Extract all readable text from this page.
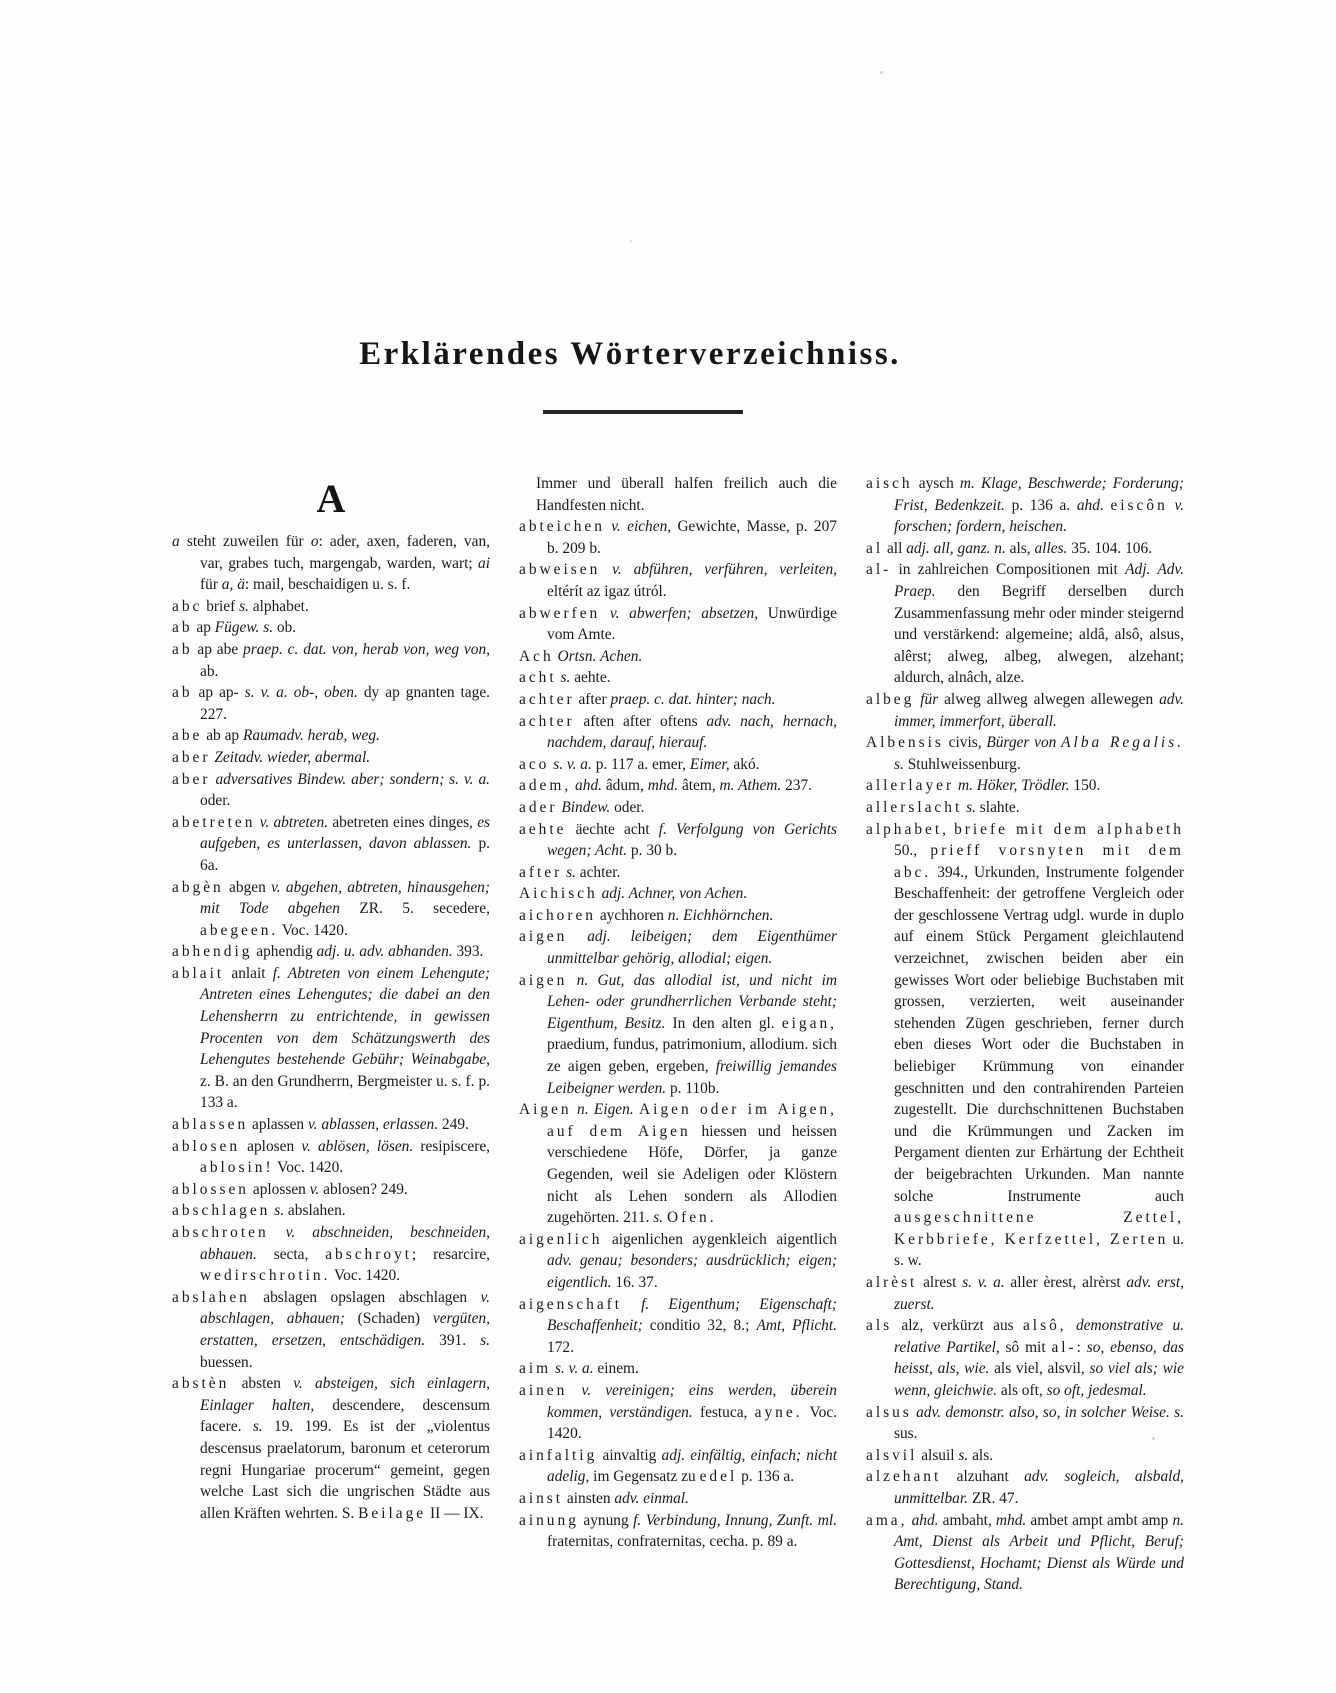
Erklärendes Wörterverzeichniss.
A
a steht zuweilen für o: ader, axen, faderen, van, var, grabes tuch, margengab, warden, wart; ai für a, ä: mail, beschaidigen u. s. f.
abc brief s. alphabet.
ab ap Fügew. s. ob.
ab ap abe praep. c. dat. von, herab von, weg von, ab.
ab ap ap- s. v. a. ob-, oben. dy ap gnanten tage. 227.
abe ab ap Raumadv. herab, weg.
aber Zeitadv. wieder, abermal.
aber adversatives Bindew. aber; sondern; s. v. a. oder.
abetreten v. abtreten. abetreten eines dinges, es aufgeben, es unterlassen, davon ablassen. p. 6a.
abgèn abgen v. abgehen, abtreten, hinausgehen; mit Tode abgehen ZR. 5. secedere, abegeen. Voc. 1420.
abhendig aphendig adj. u. adv. abhanden. 393.
ablait anlait f. Abtreten von einem Lehengute; Antreten eines Lehengutes; die dabei an den Lehensherrn zu entrichtende, in gewissen Procenten von dem Schätzungswerth des Lehengutes bestehende Gebühr; Weinabgabe, z. B. an den Grundherrn, Bergmeister u. s. f. p. 133 a.
ablassen aplassen v. ablassen, erlassen. 249.
ablosen aplosen v. ablösen, lösen. resipiscere, ablosin! Voc. 1420.
ablossen aplossen v. ablosen? 249.
abschlagen s. abslahen.
abschroten v. abschneiden, beschneiden, abhauen. secta, abschroyt; resarcire, wedirschrotin. Voc. 1420.
abslahen abslagen opslagen abschlagen v. abschlagen, abhauen; (Schaden) vergüten, erstatten, ersetzen, entschädigen. 391. s. buessen.
abstèn absten v. absteigen, sich einlagern, Einlager halten, descendere, descensum facere. s. 19. 199. Es ist der „violentus descensus praelatorum, baronum et ceterorum regni Hungariae procerum“ gemeint, gegen welche Last sich die ungrischen Städte aus allen Kräften wehrten. S. Beilage II — IX.
Immer und überall halfen freilich auch die Handfesten nicht.
abteichen v. eichen, Gewichte, Masse, p. 207 b. 209 b.
abweisen v. abführen, verführen, verleiten, eltérít az igaz útról.
abwerfen v. abwerfen; absetzen, Unwürdige vom Amte.
Ach Ortsn. Achen.
acht s. aehte.
achter after praep. c. dat. hinter; nach.
achter aften after oftens adv. nach, hernach, nachdem, darauf, hierauf.
aco s. v. a. p. 117 a. emer, Eimer, akó.
adem, ahd. âdum, mhd. âtem, m. Athem. 237.
ader Bindew. oder.
aehte äechte acht f. Verfolgung von Gerichts wegen; Acht. p. 30 b.
after s. achter.
Aichisch adj. Achner, von Achen.
aichoren aychhoren n. Eichhörnchen.
aigen adj. leibeigen; dem Eigenthümer unmittelbar gehörig, allodial; eigen.
aigen n. Gut, das allodial ist, und nicht im Lehen- oder grundherrlichen Verbande steht; Eigenthum, Besitz. In den alten gl. eigan, praedium, fundus, patrimonium, allodium. sich ze aigen geben, ergeben, freiwillig jemandes Leibeigner werden. p. 110b.
Aigen n. Eigen. Aigen oder im Aigen, auf dem Aigen hiessen und heissen verschiedene Höfe, Dörfer, ja ganze Gegenden, weil sie Adeligen oder Klöstern nicht als Lehen sondern als Allodien zugehörten. 211. s. Ofen.
aigenlich aigenlichen aygenkleich aigentlich adv. genau; besonders; ausdrücklich; eigen; eigentlich. 16. 37.
aigenschaft f. Eigenthum; Eigenschaft; Beschaffenheit; conditio 32, 8.; Amt, Pflicht. 172.
aim s. v. a. einem.
ainen v. vereinigen; eins werden, überein kommen, verständigen. festuca, ayne. Voc. 1420.
ainfaltig ainvaltig adj. einfältig, einfach; nicht adelig, im Gegensatz zu edel p. 136 a.
ainst ainsten adv. einmal.
ainung aynung f. Verbindung, Innung, Zunft. ml. fraternitas, confraternitas, cecha. p. 89 a.
aisch aysch m. Klage, Beschwerde; Forderung; Frist, Bedenkzeit. p. 136 a. ahd. eiscôn v. forschen; fordern, heischen.
al all adj. all, ganz. n. als, alles. 35. 104. 106.
al- in zahlreichen Compositionen mit Adj. Adv. Praep. den Begriff derselben durch Zusammenfassung mehr oder minder steigernd und verstärkend: algemeine; aldâ, alsô, alsus, alêrst; alweg, albeg, alwegen, alzehant; aldurch, alnâch, alze.
albeg für alweg allweg alwegen allewegen adv. immer, immerfort, überall.
Albensis civis, Bürger von Alba Regalis. s. Stuhlweissenburg.
allerlayer m. Höker, Trödler. 150.
allerslacht s. slahte.
alphabet, briefe mit dem alphabeth 50., prieff vorsnyten mit dem abc. 394., Urkunden, Instrumente folgender Beschaffenheit: der getroffene Vergleich oder der geschlossene Vertrag udgl. wurde in duplo auf einem Stück Pergament gleichlautend verzeichnet, zwischen beiden aber ein gewisses Wort oder beliebige Buchstaben mit grossen, verzierten, weit auseinander stehenden Zügen geschrieben, ferner durch eben dieses Wort oder die Buchstaben in beliebiger Krümmung von einander geschnitten und den contrahirenden Parteien zugestellt. Die durchschnittenen Buchstaben und die Krümmungen und Zacken im Pergament dienten zur Erhärtung der Echtheit der beigebrachten Urkunden. Man nannte solche Instrumente auch ausgeschnittene Zettel, Kerbbriefe, Kerfzettel, Zerten u. s. w.
alrèst alrest s. v. a. aller èrest, alrèrst adv. erst, zuerst.
als alz, verkürzt aus alsô, demonstrative u. relative Partikel, sô mit al-: so, ebenso, das heisst, als, wie. als viel, alsvil, so viel als; wie wenn, gleichwie. als oft, so oft, jedesmal.
alsus adv. demonstr. also, so, in solcher Weise. s. sus.
alsvil alsuil s. als.
alzehant alzuhant adv. sogleich, alsbald, unmittelbar. ZR. 47.
ama, ahd. ambaht, mhd. ambet ampt ambt amp n. Amt, Dienst als Arbeit und Pflicht, Beruf; Gottesdienst, Hochamt; Dienst als Würde und Berechtigung, Stand.
